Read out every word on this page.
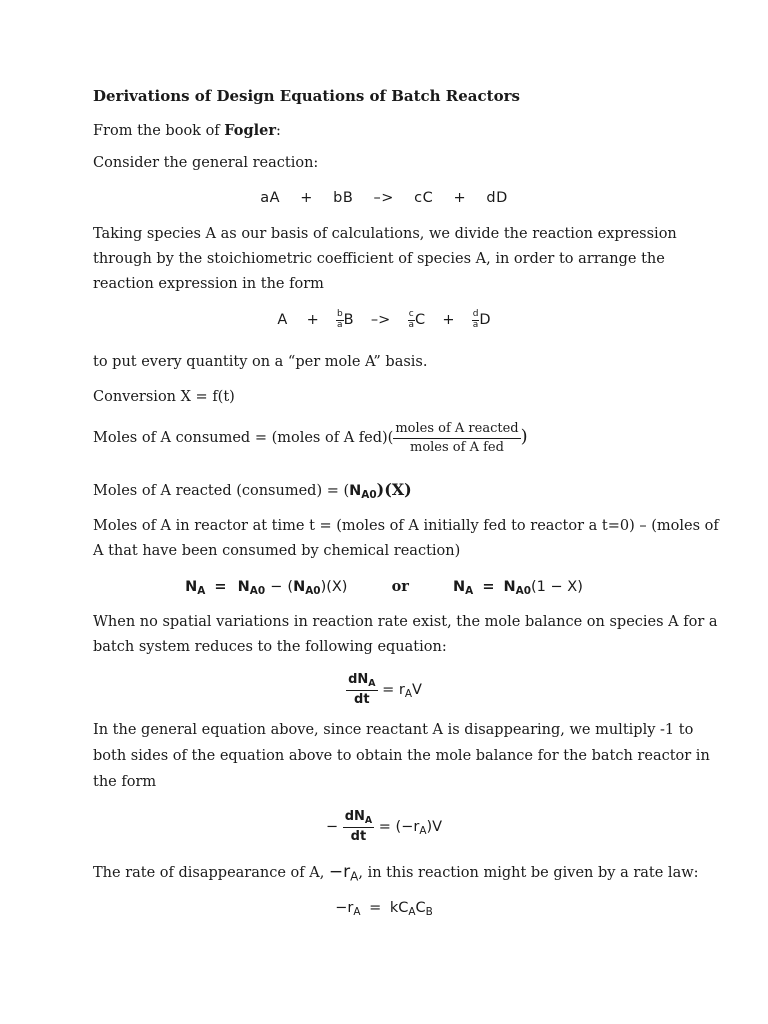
Derivations of Design Equations of Batch Reactors
From the book of Fogler:
Consider the general reaction:
aA + bB –> cC + dD
Taking species A as our basis of calculations, we divide the reaction expression
through by the stoichiometric coefficient of species A, in order to arrange the
reaction expression in the form
$A + \frac{b}{a}$ $B -> \frac{c}{a}$ $C + \frac{d}{a}$ D
to put every quantity on a “per mole A” basis.
Conversion X = f(t)
Moles of A consumed = (moles of A $fed)( \frac{\text{moles of A reacted}}{\text{moles of A fed}}$ )
Moles of A reacted (consumed) = $(N_{A0})(X)$
Moles of A in reactor at time t = (moles of A initially fed to reactor a t=0) – (moles of
A that have been consumed by chemical reaction)
$N_A = N_{A0} - (N_{A0})(X)$	or	$N_A = N_{A0}(1 - X)$
When no spatial variations in reaction rate exist, the mole balance on species A for a
batch system reduces to the following equation:
$\frac{dN_A}{dt} = r_AV$
In the general equation above, since reactant A is disappearing, we multiply -1 to
both sides of the equation above to obtain the mole balance for the batch reactor in
the form
− $\frac{dN_A}{dt} = (-r_A)V$
The rate of disappearance of A, $-r_A$, in this reaction might be given by a rate law:
$-r_A = kC_AC_B$
